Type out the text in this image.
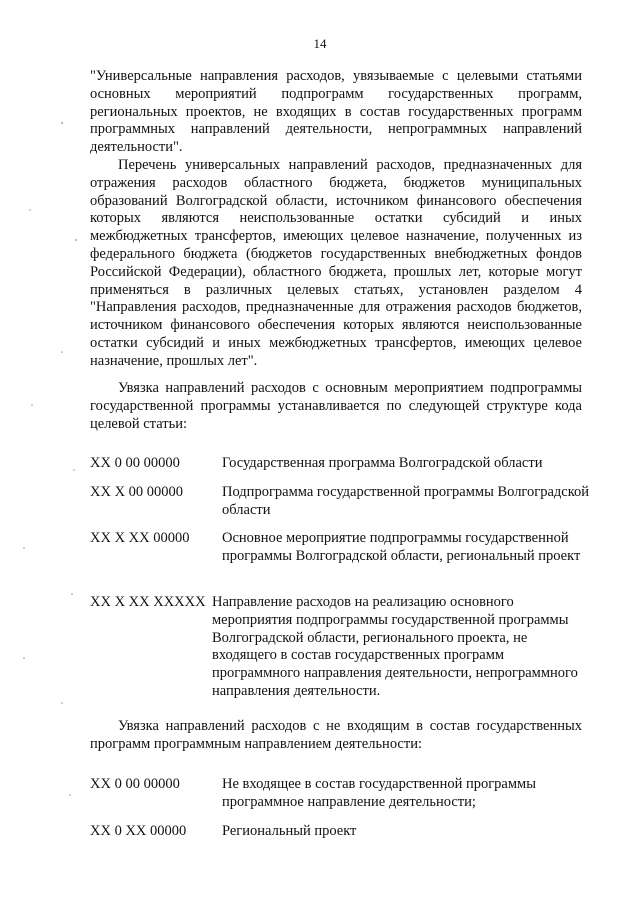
14
"Универсальные направления расходов, увязываемые с целевыми статьями основных мероприятий подпрограмм государственных программ, региональных проектов, не входящих в состав государственных программ программных направлений деятельности, непрограммных направлений деятельности".
Перечень универсальных направлений расходов, предназначенных для отражения расходов областного бюджета, бюджетов муниципальных образований Волгоградской области, источником финансового обеспечения которых являются неиспользованные остатки субсидий и иных межбюджетных трансфертов, имеющих целевое назначение, полученных из федерального бюджета (бюджетов государственных внебюджетных фондов Российской Федерации), областного бюджета, прошлых лет, которые могут применяться в различных целевых статьях, установлен разделом 4 "Направления расходов, предназначенные для отражения расходов бюджетов, источником финансового обеспечения которых являются неиспользованные остатки субсидий и иных межбюджетных трансфертов, имеющих целевое назначение, прошлых лет".
Увязка направлений расходов с основным мероприятием подпрограммы государственной программы устанавливается по следующей структуре кода целевой статьи:
XX 0 00 00000	Государственная программа Волгоградской области
XX X 00 00000	Подпрограмма государственной программы Волгоградской области
XX X XX 00000 Основное мероприятие подпрограммы государственной программы Волгоградской области, региональный проект
XX X XX XXXXX Направление расходов на реализацию основного мероприятия подпрограммы государственной программы Волгоградской области, регионального проекта, не входящего в состав государственных программ программного направления деятельности, непрограммного направления деятельности.
Увязка направлений расходов с не входящим в состав государственных программ программным направлением деятельности:
XX 0 00 00000	Не входящее в состав государственной программы программное направление деятельности;
XX 0 XX 00000 Региональный проект
